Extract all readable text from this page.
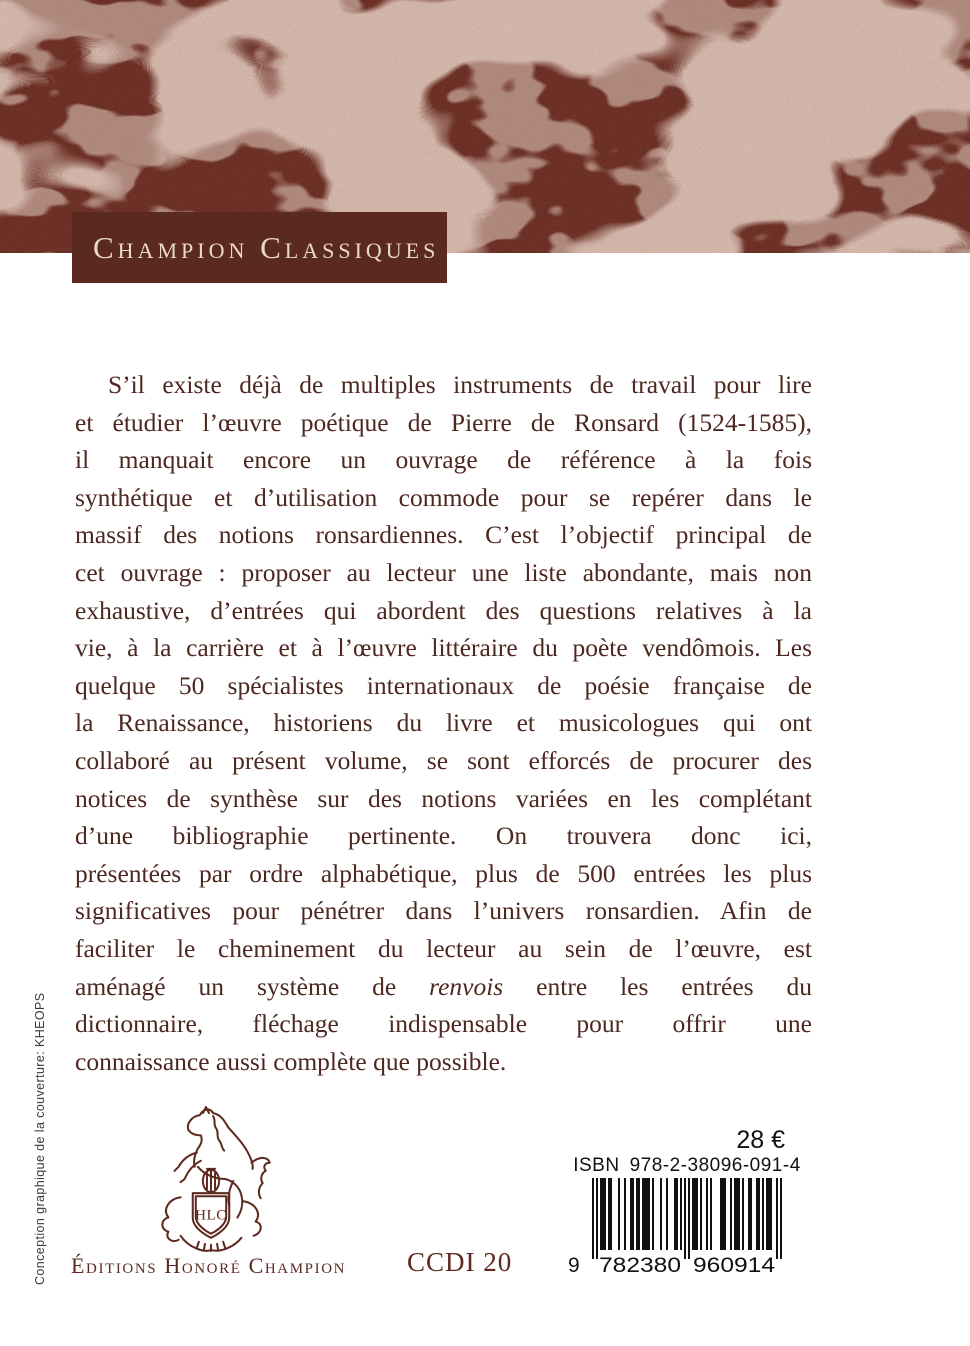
Champion Classiques
S’il existe déjà de multiples instruments de travail pour lire
et étudier l’œuvre poétique de Pierre de Ronsard (1524-1585),
il manquait encore un ouvrage de référence à la fois
synthétique et d’utilisation commode pour se repérer dans le
massif des notions ronsardiennes. C’est l’objectif principal de
cet ouvrage : proposer au lecteur une liste abondante, mais non
exhaustive, d’entrées qui abordent des questions relatives à la
vie, à la carrière et à l’œuvre littéraire du poète vendômois. Les
quelque 50 spécialistes internationaux de poésie française de
la Renaissance, historiens du livre et musicologues qui ont
collaboré au présent volume, se sont efforcés de procurer des
notices de synthèse sur des notions variées en les complétant
d’une bibliographie pertinente. On trouvera donc ici,
présentées par ordre alphabétique, plus de 500 entrées les plus
significatives pour pénétrer dans l’univers ronsardien. Afin de
faciliter le cheminement du lecteur au sein de l’œuvre, est
aménagé un système de renvois entre les entrées du
dictionnaire, fléchage indispensable pour offrir une
connaissance aussi complète que possible.
Conception graphique de la couverture: KHEOPS	HLC
Éditions Honoré Champion CCDI 20
28 €
ISBN 978-2-38096-091-4
9 782380 960914
